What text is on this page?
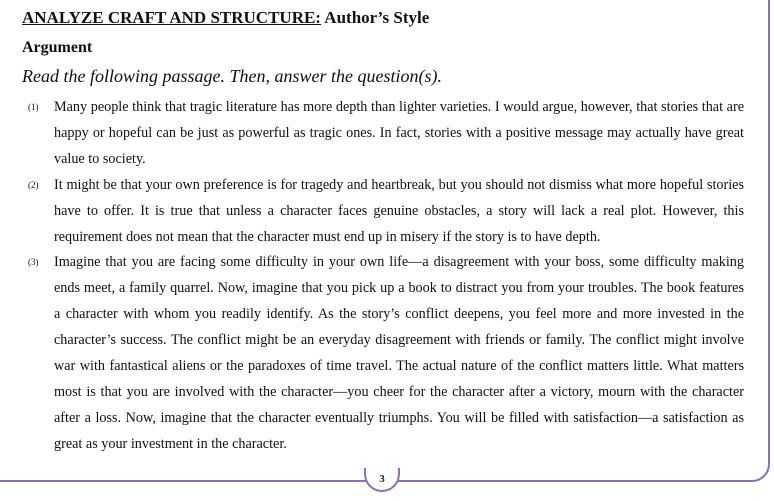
ANALYZE CRAFT AND STRUCTURE: Author’s Style
Argument
Read the following passage. Then, answer the question(s).

(1) Many people think that tragic literature has more depth than lighter varieties. I would argue, however, that stories that are happy or hopeful can be just as powerful as tragic ones. In fact, stories with a positive message may actually have great value to society.

(2) It might be that your own preference is for tragedy and heartbreak, but you should not dismiss what more hopeful stories have to offer. It is true that unless a character faces genuine obstacles, a story will lack a real plot. However, this requirement does not mean that the character must end up in misery if the story is to have depth.

(3) Imagine that you are facing some difficulty in your own life—a disagreement with your boss, some difficulty making ends meet, a family quarrel. Now, imagine that you pick up a book to distract you from your troubles. The book features a character with whom you readily identify. As the story’s conflict deepens, you feel more and more invested in the character’s success. The conflict might be an everyday disagreement with friends or family. The conflict might involve war with fantastical aliens or the paradoxes of time travel. The actual nature of the conflict matters little. What matters most is that you are involved with the character—you cheer for the character after a victory, mourn with the character after a loss. Now, imagine that the character eventually triumphs. You will be filled with satisfaction—a satisfaction as great as your investment in the character.

3
